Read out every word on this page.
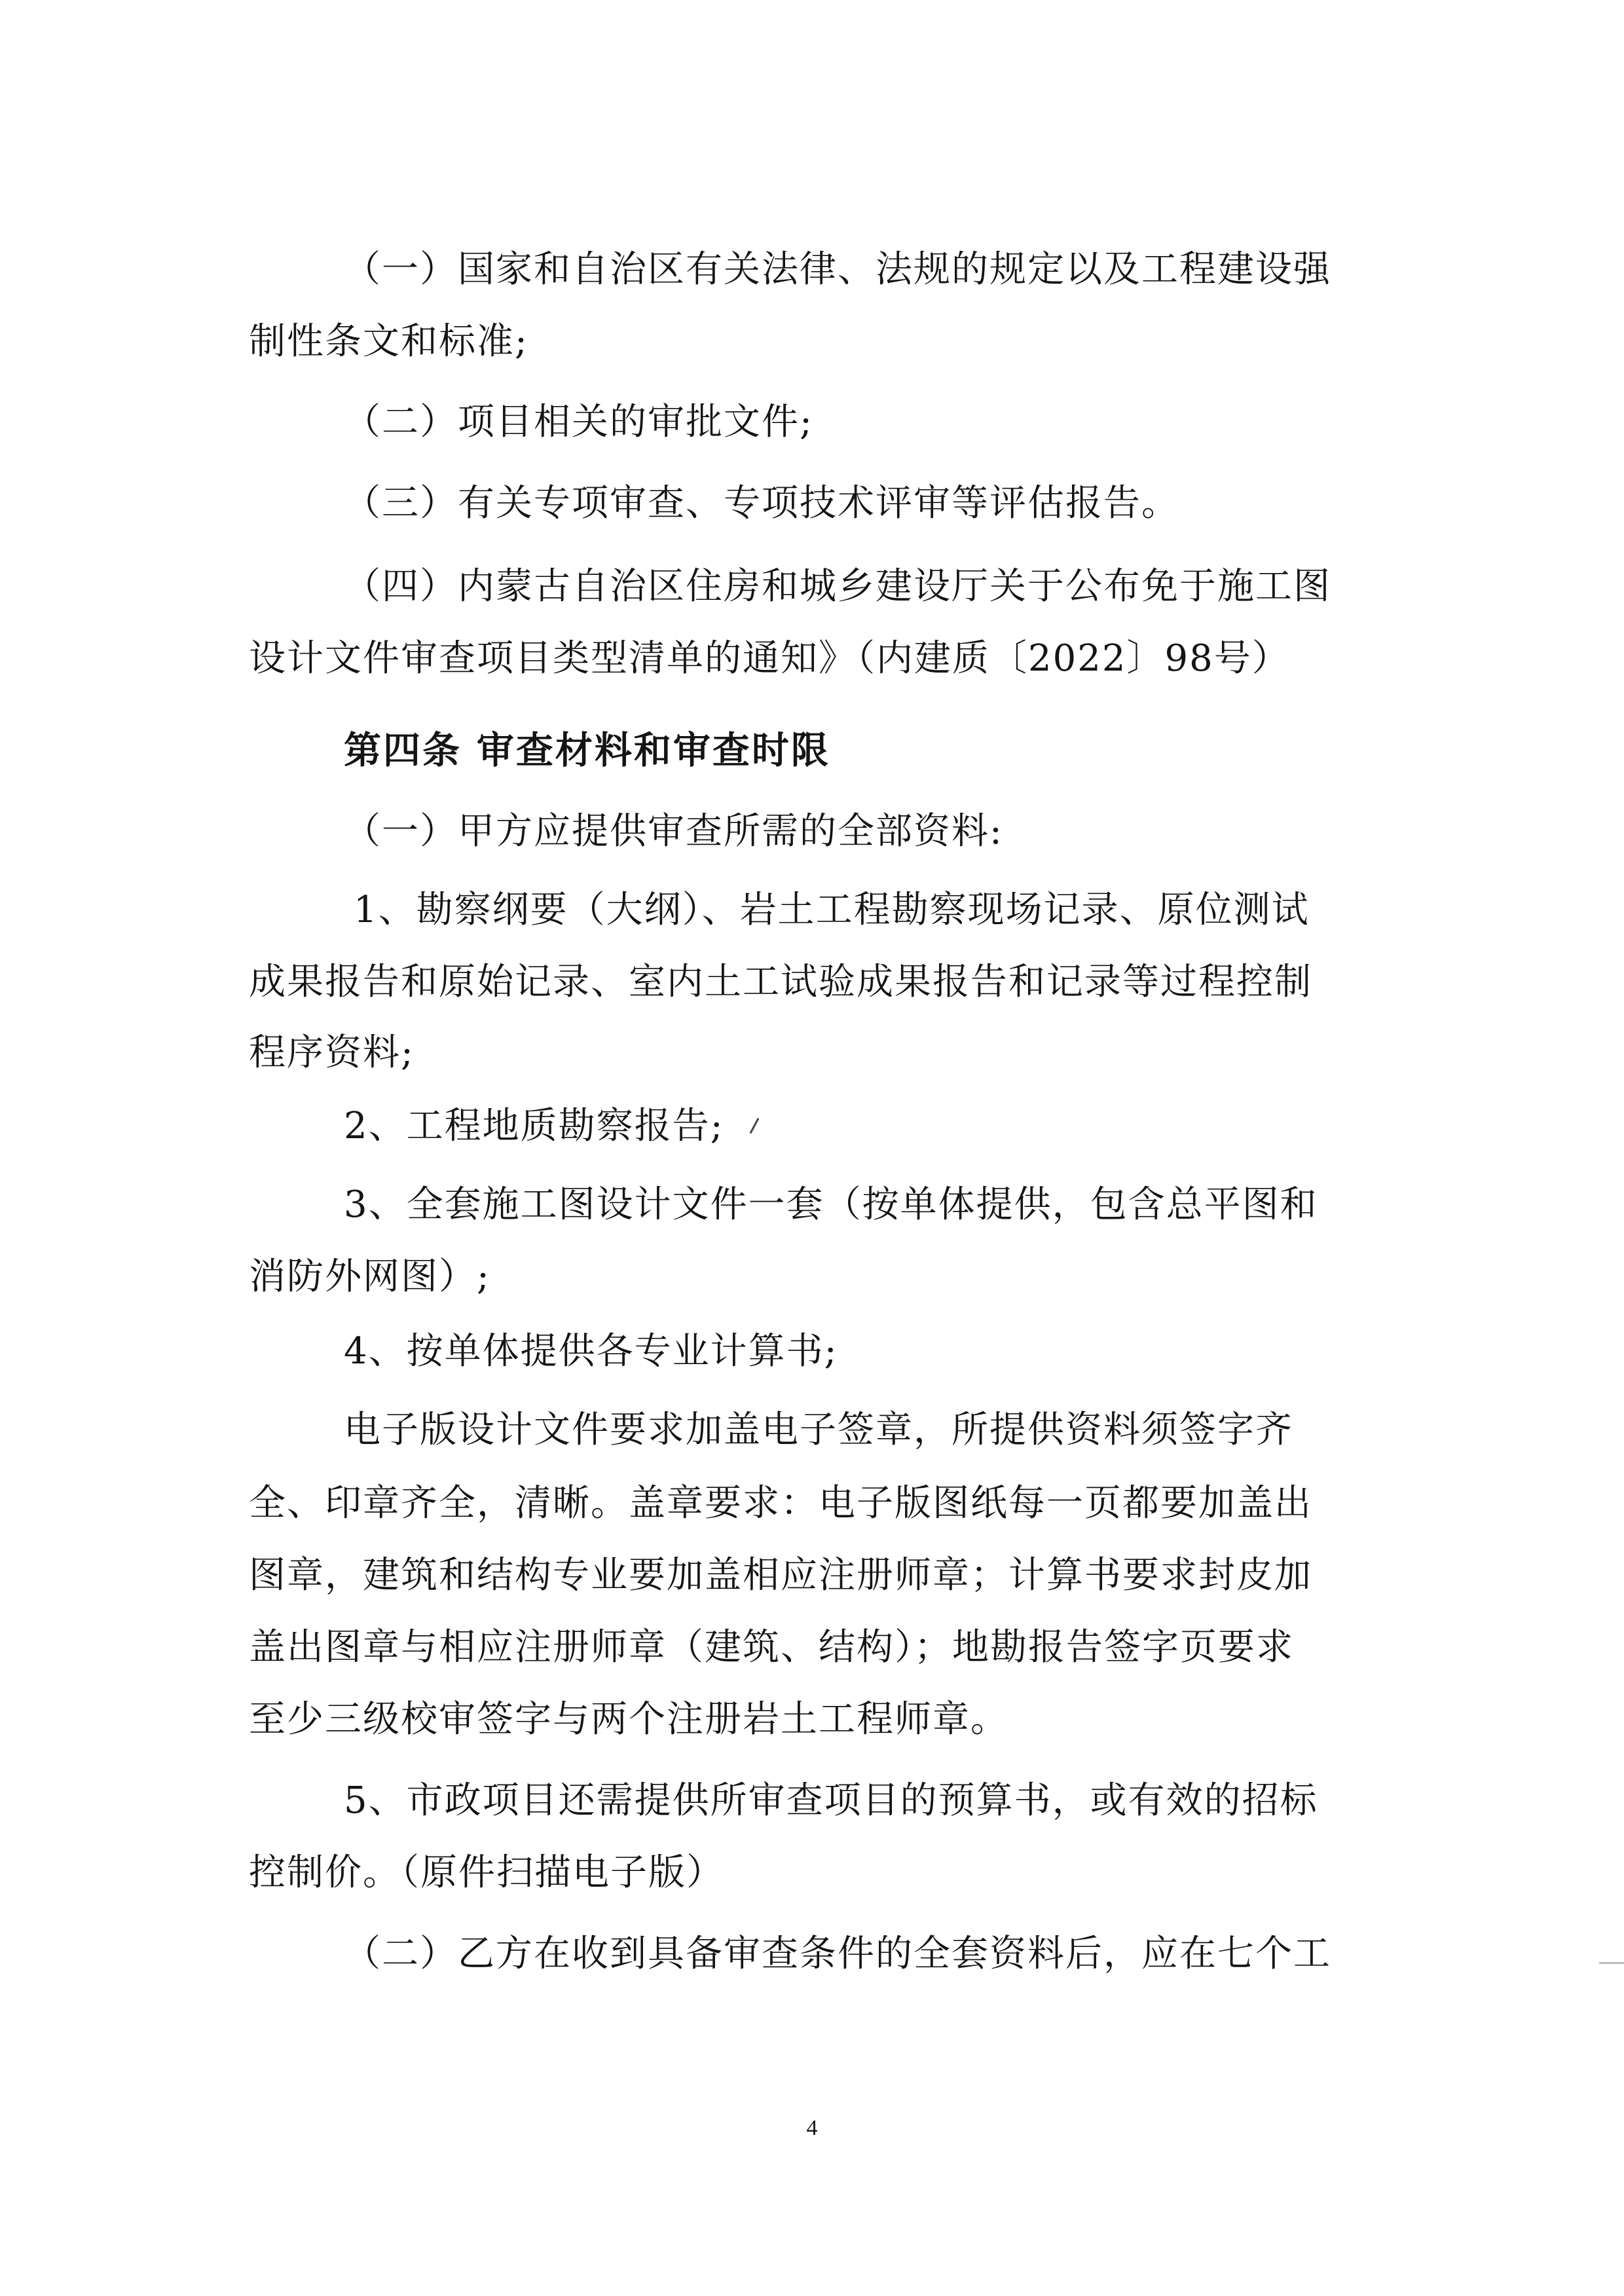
（一）国家和自治区有关法律、法规的规定以及工程建设强
制性条文和标准;
（二）项目相关的审批文件;
（三）有关专项审查、专项技术评审等评估报告。
（四）内蒙古自治区住房和城乡建设厅关于公布免于施工图
设计文件审查项目类型清单的通知》（内建质〔2022〕98号）
第四条 审查材料和审查时限
（一）甲方应提供审查所需的全部资料:
1、勘察纲要（大纲）、岩土工程勘察现场记录、原位测试
成果报告和原始记录、室内土工试验成果报告和记录等过程控制
程序资料;
2、工程地质勘察报告;
3、全套施工图设计文件一套（按单体提供，包含总平图和
消防外网图）;
4、按单体提供各专业计算书;
电子版设计文件要求加盖电子签章，所提供资料须签字齐
全、印章齐全，清晰。盖章要求：电子版图纸每一页都要加盖出
图章，建筑和结构专业要加盖相应注册师章；计算书要求封皮加
盖出图章与相应注册师章（建筑、结构）；地勘报告签字页要求
至少三级校审签字与两个注册岩土工程师章。
5、市政项目还需提供所审查项目的预算书，或有效的招标
控制价。（原件扫描电子版）
（二）乙方在收到具备审查条件的全套资料后，应在七个工
4
